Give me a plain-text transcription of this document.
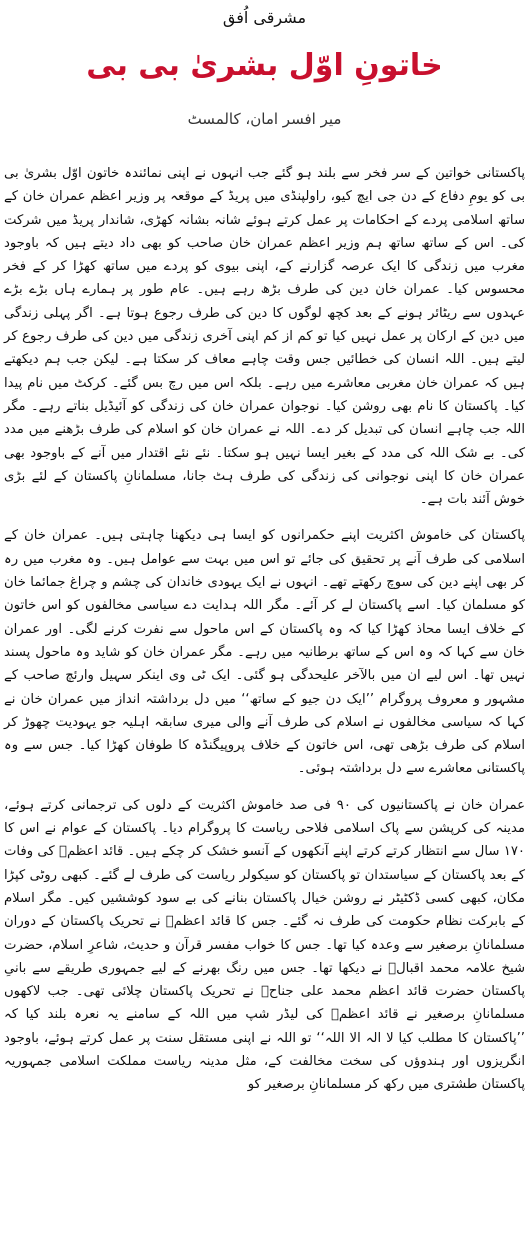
مشرقی اُفق
خاتونِ اوّل بشریٰ بی بی
میر افسر امان، کالمسٹ

پاکستانی خواتین کے سر فخر سے بلند ہو گئے جب انہوں نے اپنی نمائندہ خاتون اوّل بشریٰ بی بی کو یومِ دفاع کے دن جی ایچ کیو، راولپنڈی میں پریڈ کے موقعہ پر وزیر اعظم عمران خان کے ساتھ اسلامی پردے کے احکامات پر عمل کرتے ہوئے شانہ بشانہ کھڑی، شاندار پریڈ میں شرکت کی۔ اس کے ساتھ ساتھ ہم وزیر اعظم عمران خان صاحب کو بھی داد دیتے ہیں کہ باوجود مغرب میں زندگی کا ایک عرصہ گزارنے کے، اپنی بیوی کو پردے میں ساتھ کھڑا کر کے فخر محسوس کیا۔ عمران خان دین کی طرف بڑھ رہے ہیں۔ عام طور پر ہمارے ہاں بڑے بڑے عہدوں سے ریٹائر ہونے کے بعد کچھ لوگوں کا دین کی طرف رجوع ہوتا ہے۔ اگر پہلی زندگی میں دین کے ارکان پر عمل نہیں کیا تو کم از کم اپنی آخری زندگی میں دین کی طرف رجوع کر لیتے ہیں۔ اللہ انسان کی خطائیں جس وقت چاہے معاف کر سکتا ہے۔ لیکن جب ہم دیکھتے ہیں کہ عمران خان مغربی معاشرے میں رہے۔ بلکہ اس میں رچ بس گئے۔ کرکٹ میں نام پیدا کیا۔ پاکستان کا نام بھی روشن کیا۔ نوجوان عمران خان کی زندگی کو آئیڈیل بناتے رہے۔ مگر اللہ جب چاہے انسان کی تبدیل کر دے۔ اللہ نے عمران خان کو اسلام کی طرف بڑھنے میں مدد کی۔ بے شک اللہ کی مدد کے بغیر ایسا نہیں ہو سکتا۔ نئے نئے اقتدار میں آنے کے باوجود بھی عمران خان کا اپنی نوجوانی کی زندگی کی طرف ہٹ جانا، مسلمانانِ پاکستان کے لئے بڑی خوش آئند بات ہے۔

پاکستان کی خاموش اکثریت اپنے حکمرانوں کو ایسا ہی دیکھنا چاہتی ہیں۔ عمران خان کے اسلامی کی طرف آنے پر تحقیق کی جائے تو اس میں بہت سے عوامل ہیں۔ وہ مغرب میں رہ کر بھی اپنے دین کی سوچ رکھتے تھے۔ انہوں نے ایک یہودی خاندان کی چشم و چراغ جمائما خان کو مسلمان کیا۔ اسے پاکستان لے کر آئے۔ مگر اللہ ہدایت دے سیاسی مخالفوں کو اس خاتون کے خلاف ایسا محاذ کھڑا کیا کہ وہ پاکستان کے اس ماحول سے نفرت کرنے لگی۔ اور عمران خان سے کہا کہ وہ اس کے ساتھ برطانیہ میں رہے۔ مگر عمران خان کو شاید وہ ماحول پسند نہیں تھا۔ اس لیے ان میں بالآخر علیحدگی ہو گئی۔ ایک ٹی وی اینکر سہیل وارئچ صاحب کے مشہور و معروف پروگرام ’’ایک دن جیو کے ساتھ‘‘ میں دل برداشتہ انداز میں عمران خان نے کہا کہ سیاسی مخالفوں نے اسلام کی طرف آنے والی میری سابقہ اہلیہ جو یہودیت چھوڑ کر اسلام کی طرف بڑھی تھی، اس خاتون کے خلاف پروپیگنڈہ کا طوفان کھڑا کیا۔ جس سے وہ پاکستانی معاشرے سے دل برداشتہ ہوئی۔

عمران خان نے پاکستانیوں کی ۹۰ فی صد خاموش اکثریت کے دلوں کی ترجمانی کرتے ہوئے، مدینہ کی کرپشن سے پاک اسلامی فلاحی ریاست کا پروگرام دیا۔ پاکستان کے عوام نے اس کا ۱۷۰ سال سے انتظار کرتے کرتے اپنے آنکھوں کے آنسو خشک کر چکے ہیں۔ قائد اعظمؒ کی وفات کے بعد پاکستان کے سیاستدان تو پاکستان کو سیکولر ریاست کی طرف لے گئے۔ کبھی روٹی کپڑا مکان، کبھی کسی ڈکٹیٹر نے روشن خیال پاکستان بنانے کی بے سود کوششیں کیں۔ مگر اسلام کے بابرکت نظام حکومت کی طرف نہ گئے۔ جس کا قائد اعظمؒ نے تحریک پاکستان کے دوران مسلمانانِ برصغیر سے وعدہ کیا تھا۔ جس کا خواب مفسر قرآن و حدیث، شاعرِ اسلام، حضرت شیخ علامہ محمد اقبالؒ نے دیکھا تھا۔ جس میں رنگ بھرنے کے لیے جمہوری طریقے سے بانیِ پاکستان حضرت قائد اعظم محمد علی جناحؒ نے تحریک پاکستان چلائی تھی۔ جب لاکھوں مسلمانانِ برصغیر نے قائد اعظمؒ کی لیڈر شپ میں اللہ کے سامنے یہ نعرہ بلند کیا کہ ’’پاکستان کا مطلب کیا لا الہ الا اللہ‘‘ تو اللہ نے اپنی مستقل سنت پر عمل کرتے ہوئے، باوجود انگریزوں اور ہندوؤں کی سخت مخالفت کے، مثل مدینہ ریاست مملکت اسلامی جمہوریہ پاکستان طشتری میں رکھ کر مسلمانانِ برصغیر کو
